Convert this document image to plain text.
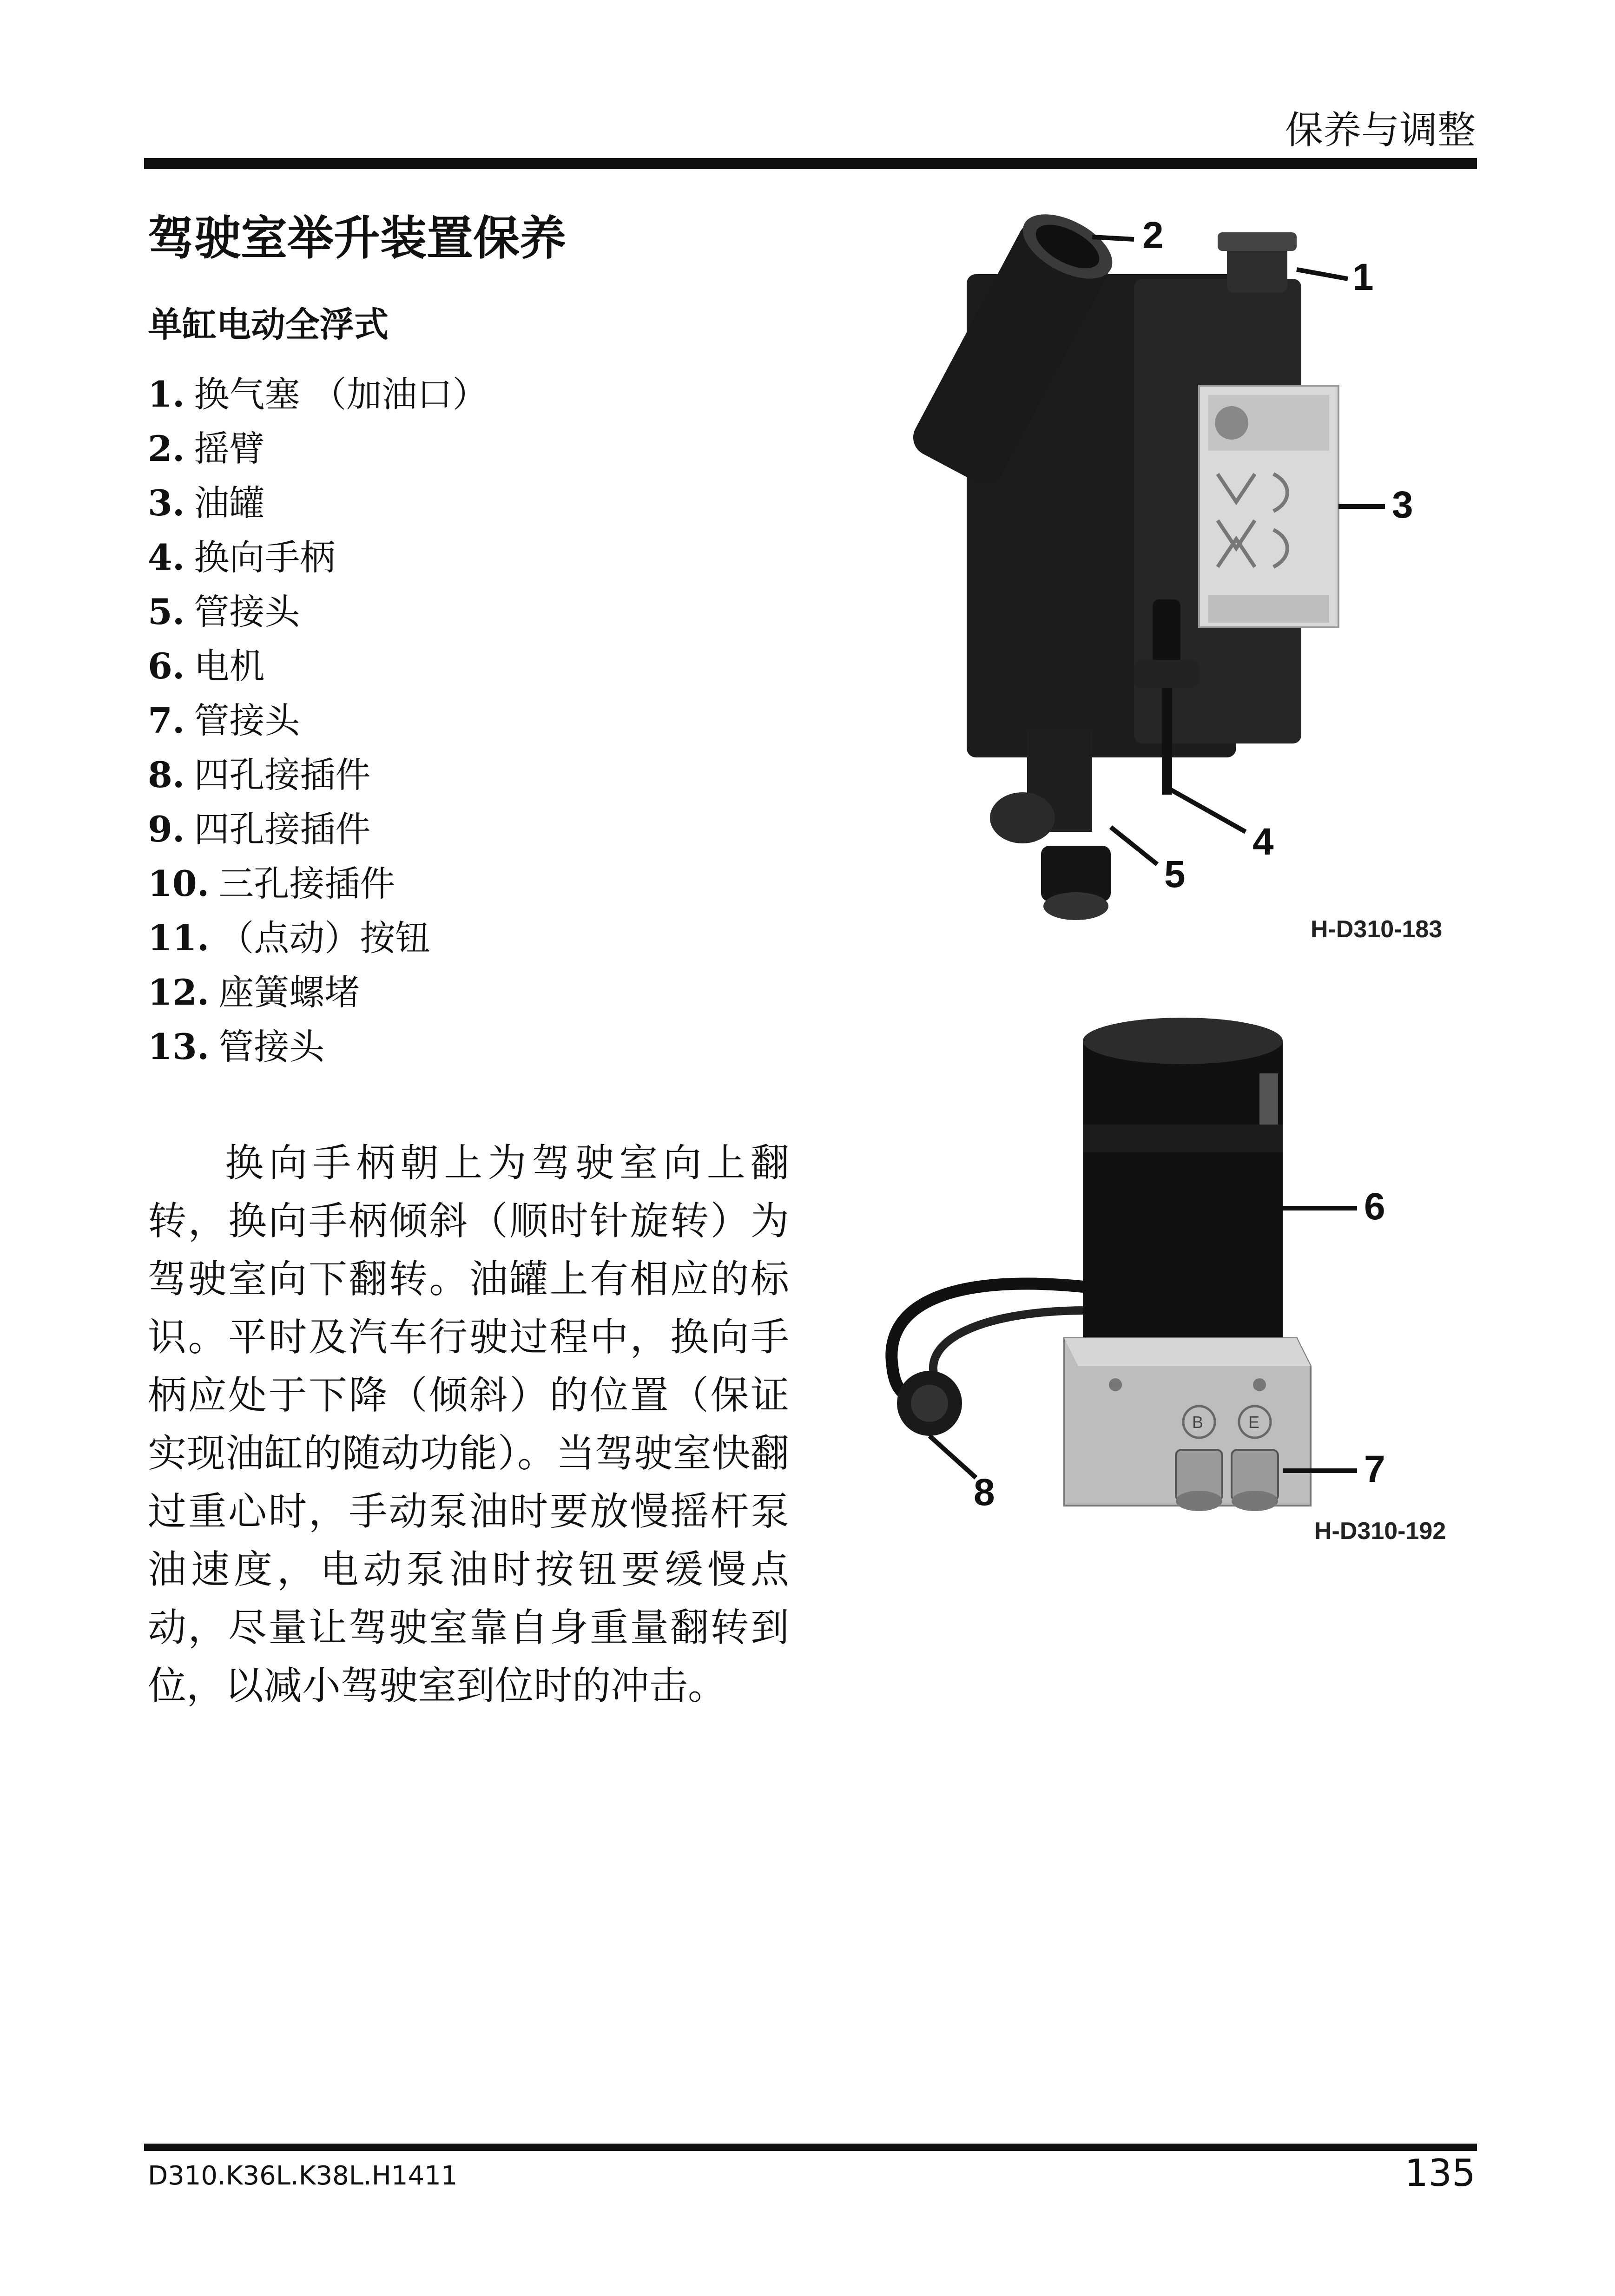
保养与调整
驾驶室举升装置保养
单缸电动全浮式
1. 换气塞 （加油口）
2. 摇臂
3. 油罐
4. 换向手柄
5. 管接头
6. 电机
7. 管接头
8. 四孔接插件
9. 四孔接插件
10. 三孔接插件
11. （点动）按钮
12. 座簧螺堵
13. 管接头

换向手柄朝上为驾驶室向上翻转，换向手柄倾斜（顺时针旋转）为驾驶室向下翻转。油罐上有相应的标识。平时及汽车行驶过程中，换向手柄应处于下降（倾斜）的位置（保证实现油缸的随动功能）。当驾驶室快翻过重心时，手动泵油时要放慢摇杆泵油速度，电动泵油时按钮要缓慢点动，尽量让驾驶室靠自身重量翻转到位，以减小驾驶室到位时的冲击。

2
1
3
4
5
H-D310-183
6
7
8
B	E
H-D310-192
D310.K36L.K38L.H1411	135
